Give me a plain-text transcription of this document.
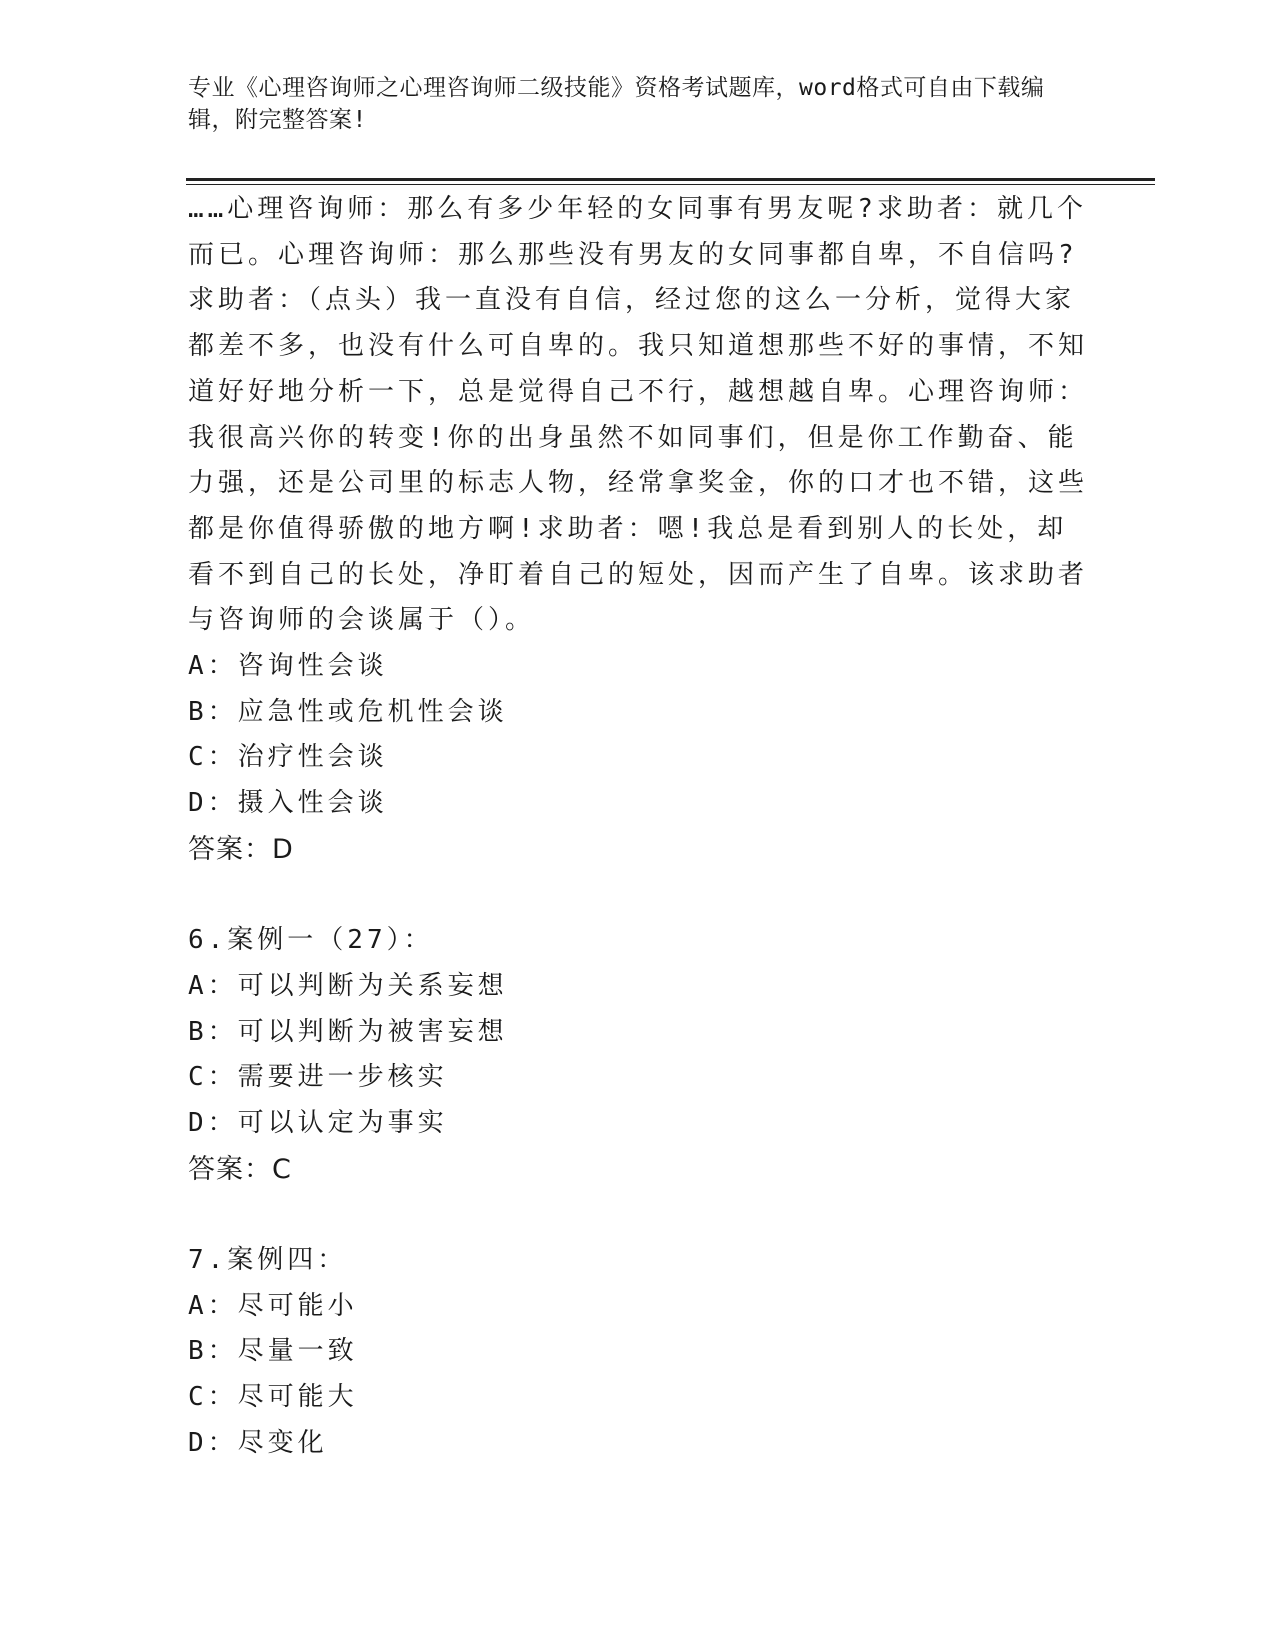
专业《心理咨询师之心理咨询师二级技能》资格考试题库，word格式可自由下载编辑，附完整答案!

……心理咨询师：那么有多少年轻的女同事有男友呢?求助者：就几个而已。心理咨询师：那么那些没有男友的女同事都自卑，不自信吗?求助者：（点头）我一直没有自信，经过您的这么一分析，觉得大家都差不多，也没有什么可自卑的。我只知道想那些不好的事情，不知道好好地分析一下，总是觉得自己不行，越想越自卑。心理咨询师：我很高兴你的转变!你的出身虽然不如同事们，但是你工作勤奋、能力强，还是公司里的标志人物，经常拿奖金，你的口才也不错，这些都是你值得骄傲的地方啊!求助者：嗯!我总是看到别人的长处，却看不到自己的长处，净盯着自己的短处，因而产生了自卑。该求助者与咨询师的会谈属于（）。

A：咨询性会谈
B：应急性或危机性会谈
C：治疗性会谈
D：摄入性会谈
答案：D
6.案例一（27）：
A：可以判断为关系妄想
B：可以判断为被害妄想
C：需要进一步核实
D：可以认定为事实
答案：C
7.案例四：
A：尽可能小
B：尽量一致
C：尽可能大
D：尽变化
